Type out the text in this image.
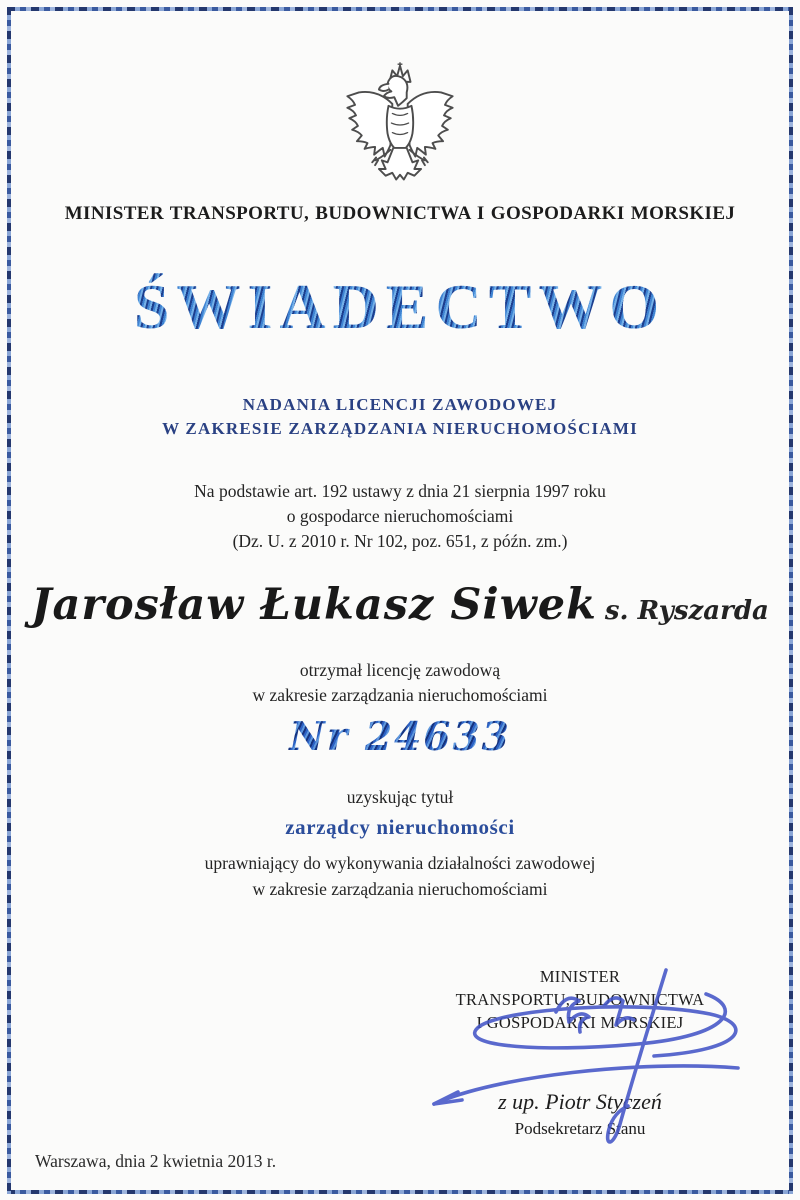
MINISTER TRANSPORTU, BUDOWNICTWA I GOSPODARKI MORSKIEJ
ŚWIADECTWO
NADANIA LICENCJI ZAWODOWEJ
W ZAKRESIE ZARZĄDZANIA NIERUCHOMOŚCIAMI
Na podstawie art. 192 ustawy z dnia 21 sierpnia 1997 roku
o gospodarce nieruchomościami
(Dz. U. z 2010 r. Nr 102, poz. 651, z późn. zm.)
Jarosław Łukasz Siwek s. Ryszarda
otrzymał licencję zawodową
w zakresie zarządzania nieruchomościami
Nr 24633
uzyskując tytuł
zarządcy nieruchomości
uprawniający do wykonywania działalności zawodowej
w zakresie zarządzania nieruchomościami
MINISTER
TRANSPORTU, BUDOWNICTWA
I GOSPODARKI MORSKIEJ
z up. Piotr Styczeń
Podsekretarz Stanu
Warszawa, dnia 2 kwietnia 2013 r.
